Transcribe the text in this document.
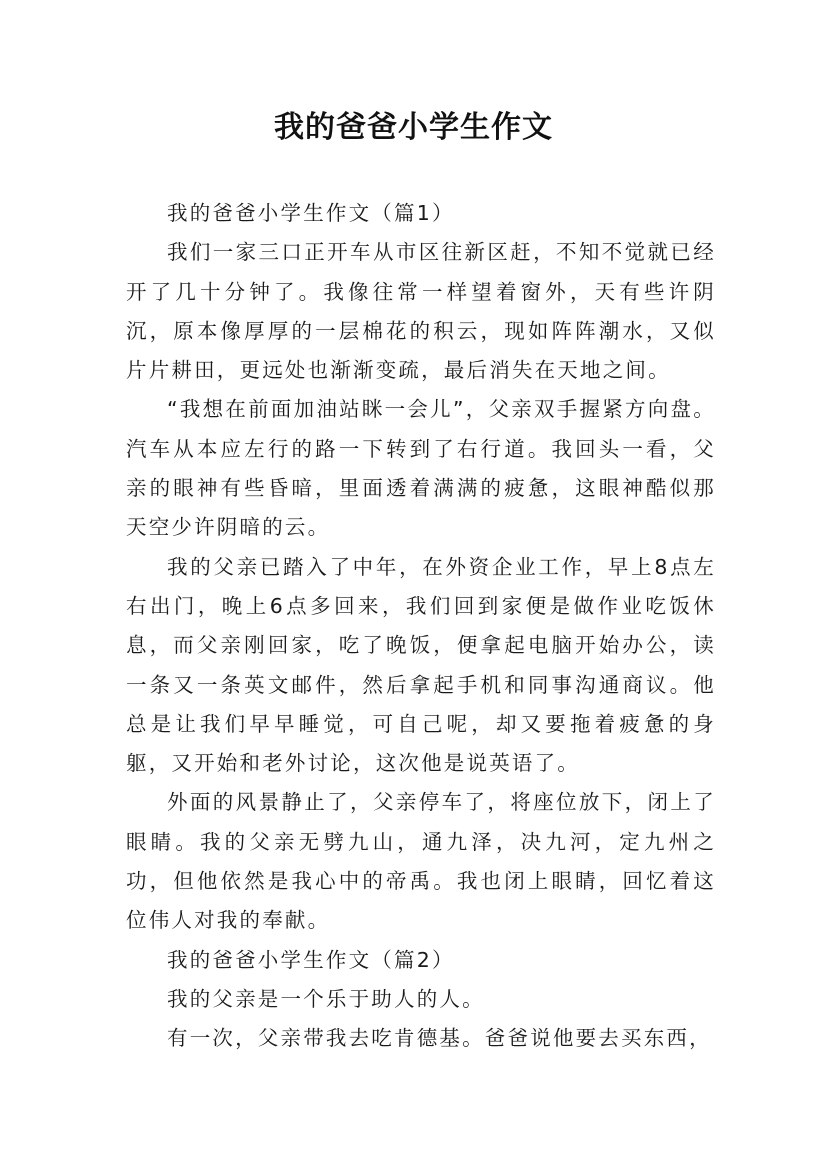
我的爸爸小学生作文

我的爸爸小学生作文（篇1）

我们一家三口正开车从市区往新区赶，不知不觉就已经开了几十分钟了。我像往常一样望着窗外，天有些许阴沉，原本像厚厚的一层棉花的积云，现如阵阵潮水，又似片片耕田，更远处也渐渐变疏，最后消失在天地之间。

“我想在前面加油站眯一会儿”，父亲双手握紧方向盘。汽车从本应左行的路一下转到了右行道。我回头一看，父亲的眼神有些昏暗，里面透着满满的疲惫，这眼神酷似那天空少许阴暗的云。

我的父亲已踏入了中年，在外资企业工作，早上8点左右出门，晚上6点多回来，我们回到家便是做作业吃饭休息，而父亲刚回家，吃了晚饭，便拿起电脑开始办公，读一条又一条英文邮件，然后拿起手机和同事沟通商议。他总是让我们早早睡觉，可自己呢，却又要拖着疲惫的身躯，又开始和老外讨论，这次他是说英语了。

外面的风景静止了，父亲停车了，将座位放下，闭上了眼睛。我的父亲无劈九山，通九泽，决九河，定九州之功，但他依然是我心中的帝禹。我也闭上眼睛，回忆着这位伟人对我的奉献。

我的爸爸小学生作文（篇2）

我的父亲是一个乐于助人的人。

有一次，父亲带我去吃肯德基。爸爸说他要去买东西，
